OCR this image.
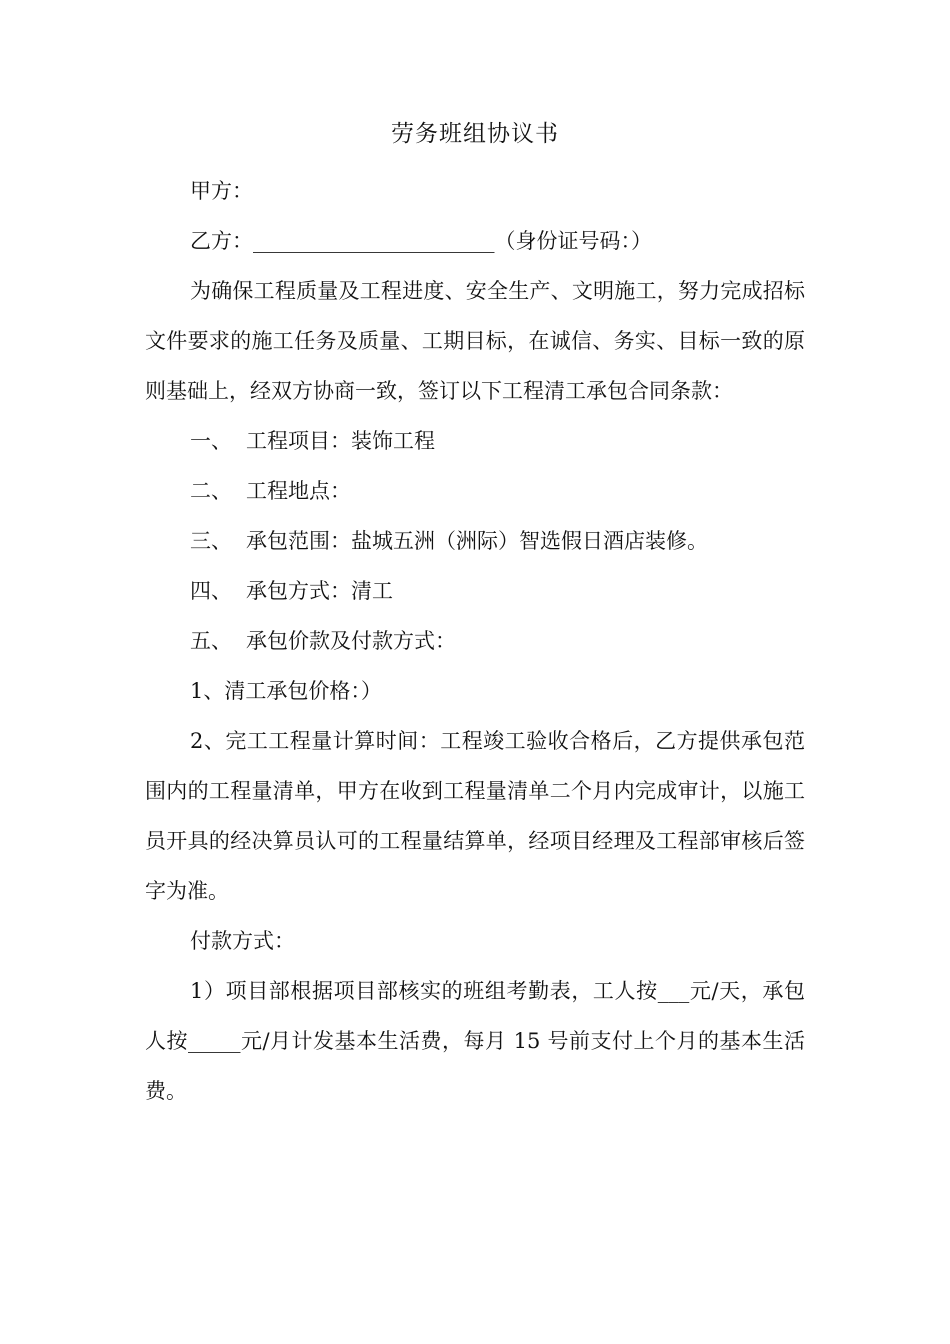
劳务班组协议书

甲方：

乙方：_______________________（身份证号码：）

为确保工程质量及工程进度、安全生产、文明施工，努力完成招标文件要求的施工任务及质量、工期目标，在诚信、务实、目标一致的原则基础上，经双方协商一致，签订以下工程清工承包合同条款：

一、 工程项目：装饰工程

二、 工程地点：

三、 承包范围：盐城五洲（洲际）智选假日酒店装修。

四、 承包方式：清工

五、 承包价款及付款方式：

1、清工承包价格：）

2、完工工程量计算时间：工程竣工验收合格后，乙方提供承包范围内的工程量清单，甲方在收到工程量清单二个月内完成审计，以施工员开具的经决算员认可的工程量结算单，经项目经理及工程部审核后签字为准。

付款方式：

1）项目部根据项目部核实的班组考勤表，工人按___元/天，承包人按_____元/月计发基本生活费，每月 15 号前支付上个月的基本生活费。
